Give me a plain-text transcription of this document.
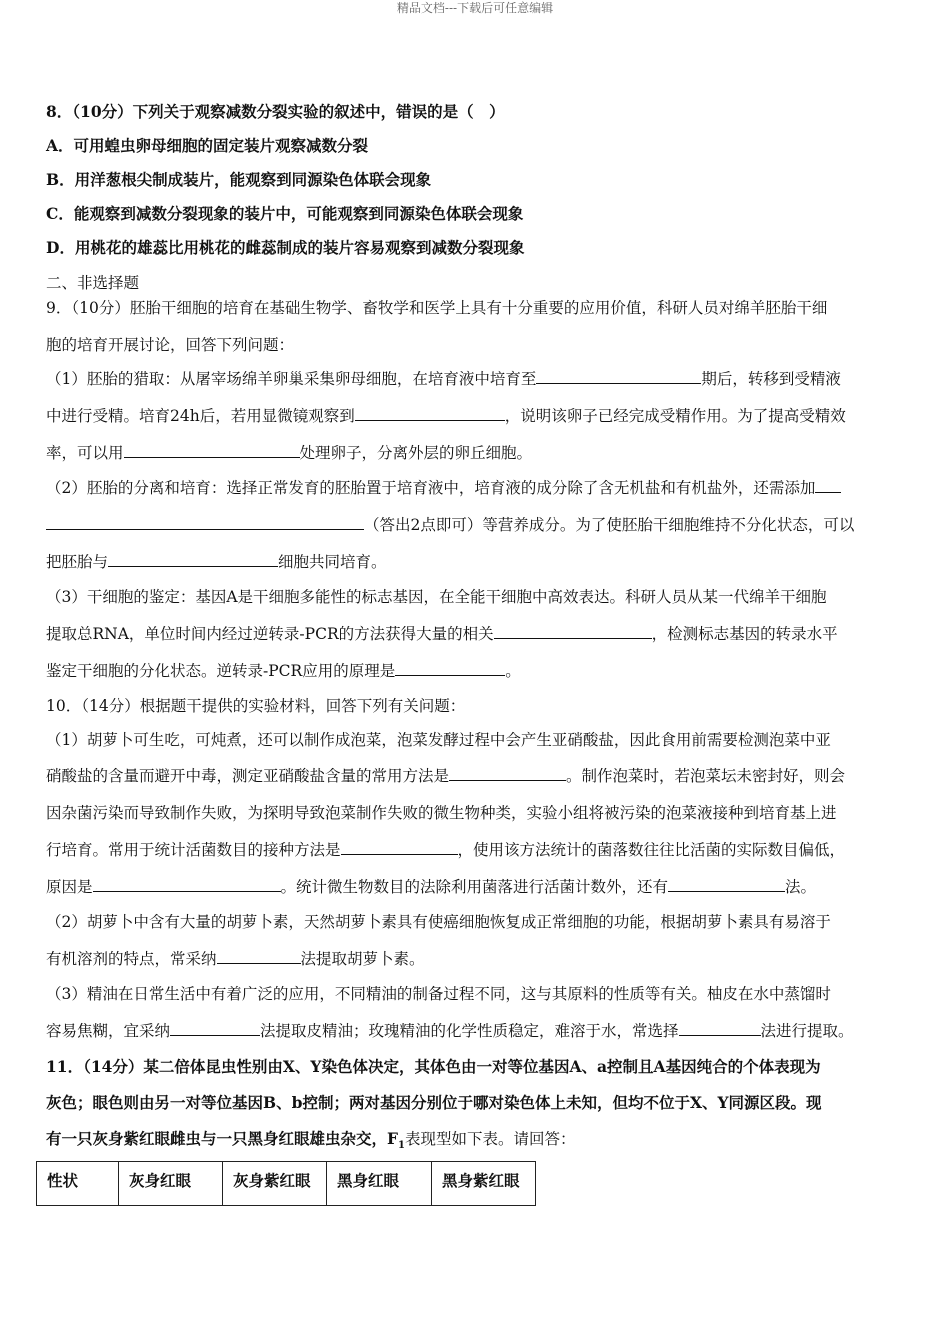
精品文档---下载后可任意编辑
8．（10分）下列关于观察减数分裂实验的叙述中，错误的是（　）
A．可用蝗虫卵母细胞的固定装片观察减数分裂
B．用洋葱根尖制成装片，能观察到同源染色体联会现象
C．能观察到减数分裂现象的装片中，可能观察到同源染色体联会现象
D．用桃花的雄蕊比用桃花的雌蕊制成的装片容易观察到减数分裂现象
二、非选择题
9．（10分）胚胎干细胞的培育在基础生物学、畜牧学和医学上具有十分重要的应用价值，科研人员对绵羊胚胎干细
胞的培育开展讨论，回答下列问题：
（1）胚胎的猎取：从屠宰场绵羊卵巢采集卵母细胞，在培育液中培育至	期后，转移到受精液
中进行受精。培育24h后，若用显微镜观察到	，说明该卵子已经完成受精作用。为了提高受精效
率，可以用	处理卵子，分离外层的卵丘细胞。
（2）胚胎的分离和培育：选择正常发育的胚胎置于培育液中，培育液的成分除了含无机盐和有机盐外，还需添加
（答出2点即可）等营养成分。为了使胚胎干细胞维持不分化状态，可以
把胚胎与	细胞共同培育。
（3）干细胞的鉴定：基因A是干细胞多能性的标志基因，在全能干细胞中高效表达。科研人员从某一代绵羊干细胞
提取总RNA，单位时间内经过逆转录-PCR的方法获得大量的相关	，检测标志基因的转录水平
鉴定干细胞的分化状态。逆转录-PCR应用的原理是	。
10．（14分）根据题干提供的实验材料，回答下列有关问题：
（1）胡萝卜可生吃，可炖煮，还可以制作成泡菜，泡菜发酵过程中会产生亚硝酸盐，因此食用前需要检测泡菜中亚
硝酸盐的含量而避开中毒，测定亚硝酸盐含量的常用方法是	。制作泡菜时，若泡菜坛未密封好，则会
因杂菌污染而导致制作失败，为探明导致泡菜制作失败的微生物种类，实验小组将被污染的泡菜液接种到培育基上进
行培育。常用于统计活菌数目的接种方法是	，使用该方法统计的菌落数往往比活菌的实际数目偏低，
原因是	。统计微生物数目的法除利用菌落进行活菌计数外，还有	法。
（2）胡萝卜中含有大量的胡萝卜素，天然胡萝卜素具有使癌细胞恢复成正常细胞的功能，根据胡萝卜素具有易溶于
有机溶剂的特点，常采纳	法提取胡萝卜素。
（3）精油在日常生活中有着广泛的应用，不同精油的制备过程不同，这与其原料的性质等有关。柚皮在水中蒸馏时
容易焦糊，宜采纳	法提取皮精油；玫瑰精油的化学性质稳定，难溶于水，常选择	法进行提取。
11．（14分）某二倍体昆虫性别由X、Y染色体决定，其体色由一对等位基因A、a控制且A基因纯合的个体表现为
灰色；眼色则由另一对等位基因B、b控制；两对基因分别位于哪对染色体上未知，但均不位于X、Y同源区段。现
有一只灰身紫红眼雌虫与一只黑身红眼雄虫杂交，$F_1$表现型如下表。请回答：
性状	灰身红眼	灰身紫红眼	黑身红眼	黑身紫红眼
